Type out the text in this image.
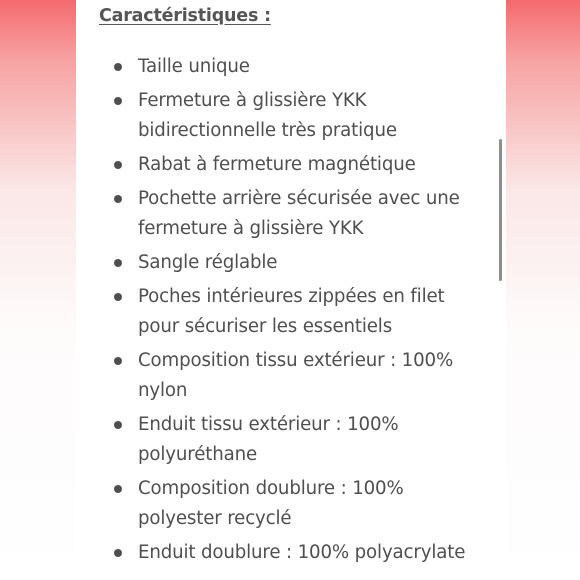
Caractéristiques :
Taille unique
Fermeture à glissière YKK bidirectionnelle très pratique
Rabat à fermeture magnétique
Pochette arrière sécurisée avec une fermeture à glissière YKK
Sangle réglable
Poches intérieures zippées en filet pour sécuriser les essentiels
Composition tissu extérieur : 100% nylon
Enduit tissu extérieur : 100% polyuréthane
Composition doublure : 100% polyester recyclé
Enduit doublure : 100% polyacrylate
